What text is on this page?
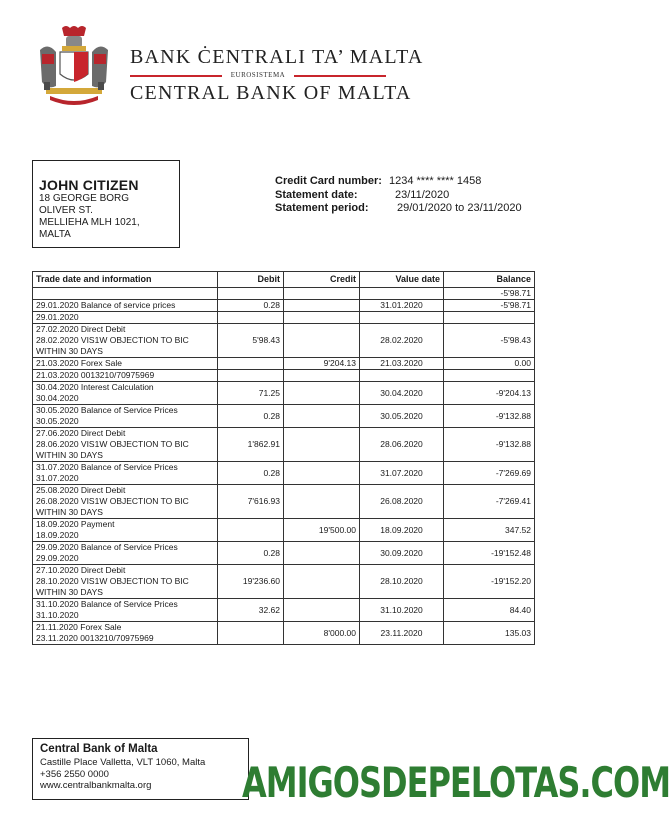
BANK ĊENTRALI TA’ MALTA
EUROSISTEMA
CENTRAL BANK OF MALTA
JOHN CITIZEN
18 GEORGE BORG
OLIVER ST.
MELLIEHA MLH 1021,
MALTA
Credit Card number: 1234 **** **** 1458
Statement date:	23/11/2020
Statement period:	29/01/2020 to 23/11/2020
Trade date and information	Debit	Credit	Value date	Balance
				-5'98.71

29.01.2020 Balance of service prices	0.28		31.01.2020	-5'98.71

29.01.2020				

27.02.2020 Direct Debit
28.02.2020 VIS1W OBJECTION TO BIC
WITHIN 30 DAYS	5'98.43		28.02.2020	-5'98.43

21.03.2020 Forex Sale		9'204.13	21.03.2020	0.00

21.03.2020 0013210/70975969				

30.04.2020 Interest Calculation
30.04.2020	71.25		30.04.2020	-9'204.13

30.05.2020 Balance of Service Prices
30.05.2020	0.28		30.05.2020	-9'132.88

27.06.2020 Direct Debit
28.06.2020 VIS1W OBJECTION TO BIC
WITHIN 30 DAYS	1'862.91		28.06.2020	-9'132.88

31.07.2020 Balance of Service Prices
31.07.2020	0.28		31.07.2020	-7'269.69

25.08.2020 Direct Debit
26.08.2020 VIS1W OBJECTION TO BIC
WITHIN 30 DAYS	7'616.93		26.08.2020	-7'269.41

18.09.2020 Payment
18.09.2020		19'500.00	18.09.2020	347.52

29.09.2020 Balance of Service Prices
29.09.2020	0.28		30.09.2020	-19'152.48

27.10.2020 Direct Debit
28.10.2020 VIS1W OBJECTION TO BIC
WITHIN 30 DAYS	19'236.60		28.10.2020	-19'152.20

31.10.2020 Balance of Service Prices
31.10.2020	32.62		31.10.2020	84.40

21.11.2020 Forex Sale
23.11.2020 0013210/70975969		8'000.00	23.11.2020	135.03
Central Bank of Malta
Castille Place Valletta, VLT 1060, Malta
+356 2550 0000
www.centralbankmalta.org	AMIGOSDEPELOTAS.COM
